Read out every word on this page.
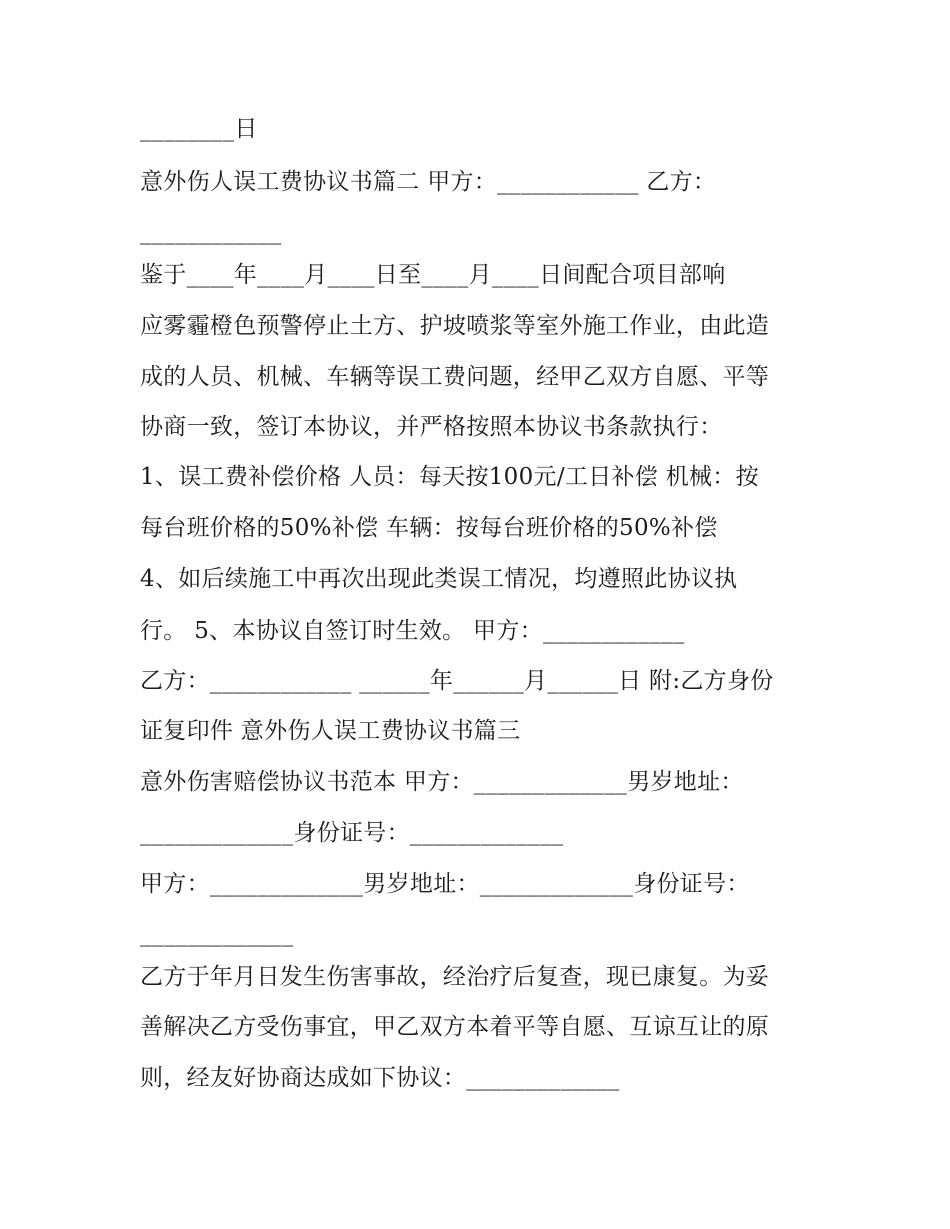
________日
意外伤人误工费协议书篇二 甲方：____________ 乙方：
____________
鉴于____年____月____日至____月____日间配合项目部响
应雾霾橙色预警停止土方、护坡喷浆等室外施工作业，由此造
成的人员、机械、车辆等误工费问题，经甲乙双方自愿、平等
协商一致，签订本协议，并严格按照本协议书条款执行：
1、误工费补偿价格 人员：每天按100元/工日补偿 机械：按
每台班价格的50%补偿 车辆：按每台班价格的50%补偿
4、如后续施工中再次出现此类误工情况，均遵照此协议执
行。 5、本协议自签订时生效。 甲方：____________
乙方：____________ ______年______月______日 附:乙方身份
证复印件 意外伤人误工费协议书篇三
意外伤害赔偿协议书范本 甲方：_____________男岁地址：
_____________身份证号：_____________
甲方：_____________男岁地址：_____________身份证号：
_____________
乙方于年月日发生伤害事故，经治疗后复查，现已康复。为妥
善解决乙方受伤事宜，甲乙双方本着平等自愿、互谅互让的原
则，经友好协商达成如下协议：_____________
